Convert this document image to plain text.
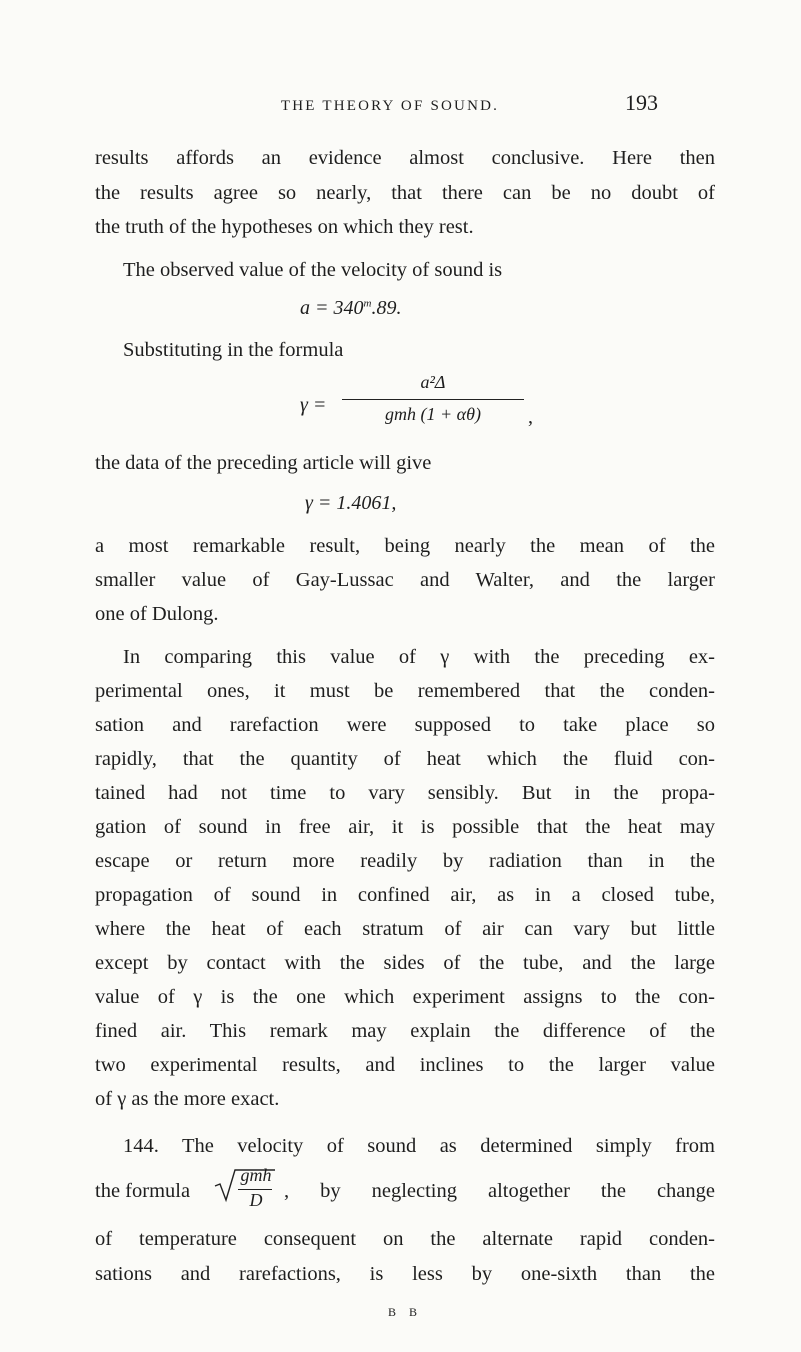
THE THEORY OF SOUND.	193
results affords an evidence almost conclusive. Here then
the results agree so nearly, that there can be no doubt of
the truth of the hypotheses on which they rest.
The observed value of the velocity of sound is
$a = 340^m.89$.
Substituting in the formula
γ =
a²Δ
gmh (1 + αθ)	,
the data of the preceding article will give
γ = 1.4061,
a most remarkable result, being nearly the mean of the
smaller value of Gay-Lussac and Walter, and the larger
one of Dulong.
In comparing this value of γ with the preceding ex-
perimental ones, it must be remembered that the conden-
sation and rarefaction were supposed to take place so
rapidly, that the quantity of heat which the fluid con-
tained had not time to vary sensibly. But in the propa-
gation of sound in free air, it is possible that the heat may
escape or return more readily by radiation than in the
propagation of sound in confined air, as in a closed tube,
where the heat of each stratum of air can vary but little
except by contact with the sides of the tube, and the large
value of γ is the one which experiment assigns to the con-
fined air. This remark may explain the difference of the
two experimental results, and inclines to the larger value
of γ as the more exact.
144. The velocity of sound as determined simply from
the formula
gmh
D	, by neglecting altogether the change
of temperature consequent on the alternate rapid conden-
sations and rarefactions, is less by one-sixth than the
B B
